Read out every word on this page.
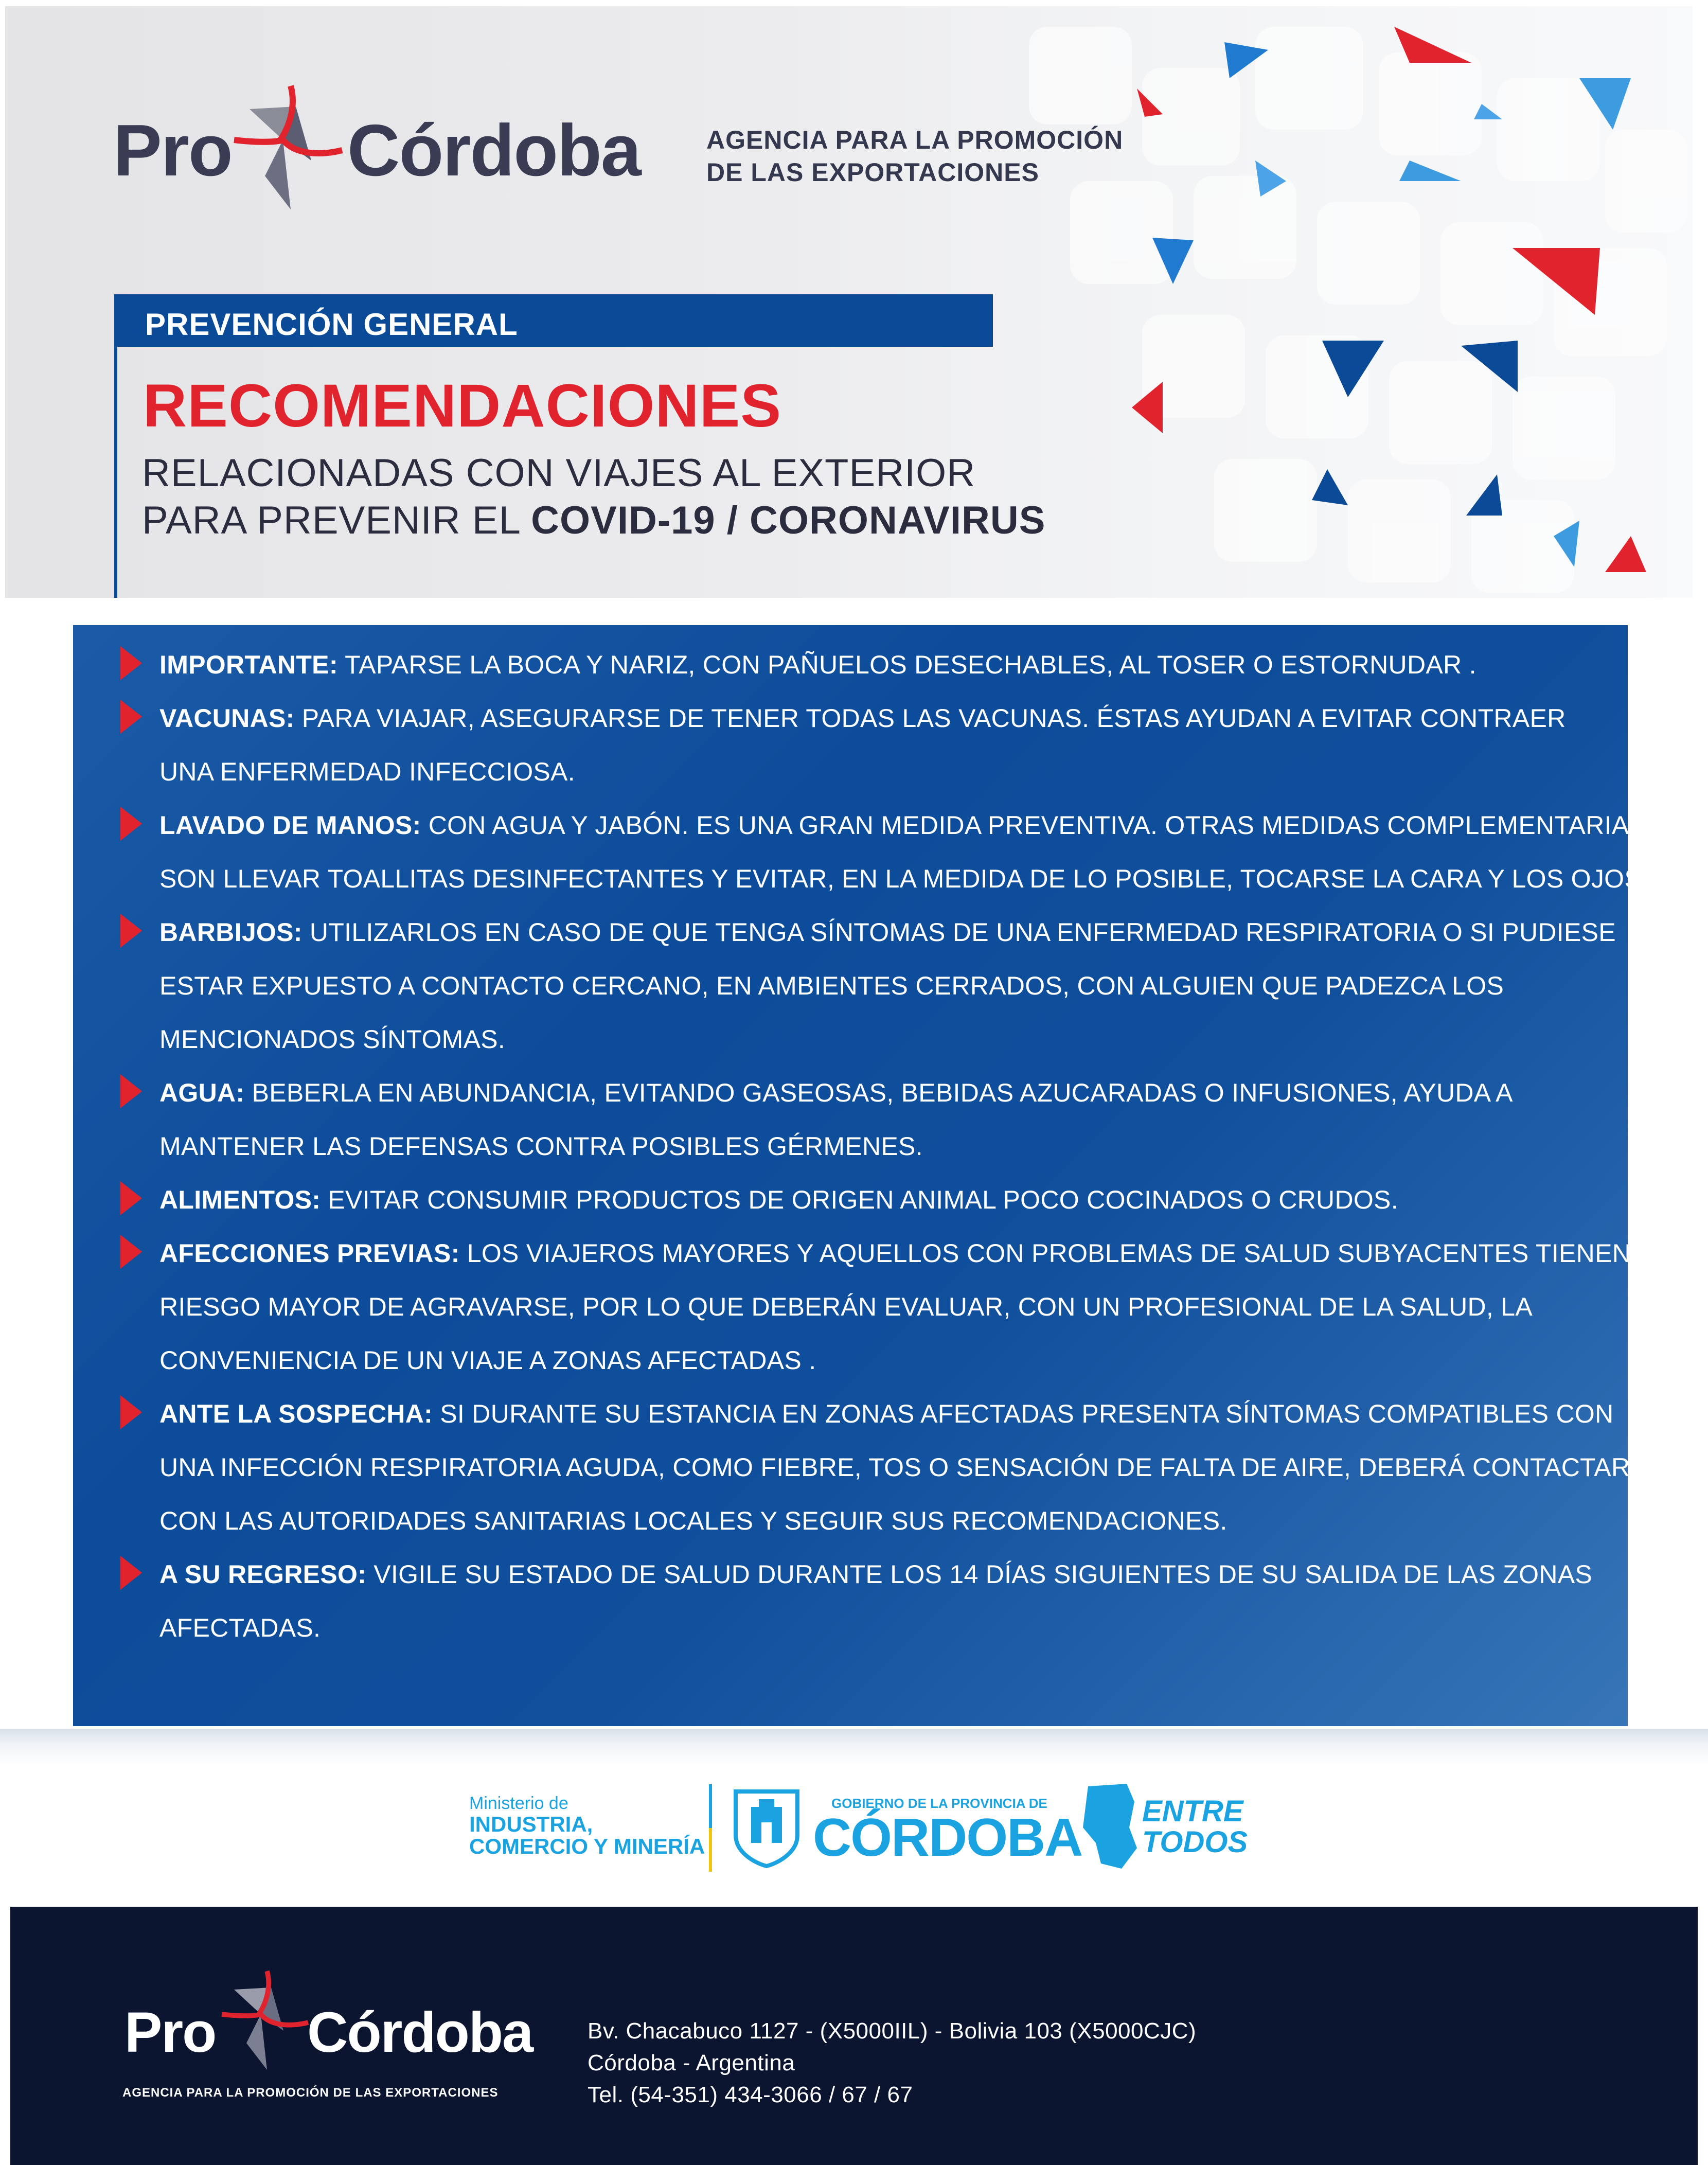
Pro Córdoba	AGENCIA PARA LA PROMOCIÓN
DE LAS EXPORTACIONES
PREVENCIÓN GENERAL
RECOMENDACIONES
RELACIONADAS CON VIAJES AL EXTERIOR
PARA PREVENIR EL COVID-19 / CORONAVIRUS
IMPORTANTE: TAPARSE LA BOCA Y NARIZ, CON PAÑUELOS DESECHABLES, AL TOSER O ESTORNUDAR .
VACUNAS: PARA VIAJAR, ASEGURARSE DE TENER TODAS LAS VACUNAS. ÉSTAS AYUDAN A EVITAR CONTRAER
UNA ENFERMEDAD INFECCIOSA.
LAVADO DE MANOS: CON AGUA Y JABÓN. ES UNA GRAN MEDIDA PREVENTIVA. OTRAS MEDIDAS COMPLEMENTARIAS
SON LLEVAR TOALLITAS DESINFECTANTES Y EVITAR, EN LA MEDIDA DE LO POSIBLE, TOCARSE LA CARA Y LOS OJOS.
BARBIJOS: UTILIZARLOS EN CASO DE QUE TENGA SÍNTOMAS DE UNA ENFERMEDAD RESPIRATORIA O SI PUDIESE
ESTAR EXPUESTO A CONTACTO CERCANO, EN AMBIENTES CERRADOS, CON ALGUIEN QUE PADEZCA LOS
MENCIONADOS SÍNTOMAS.
AGUA: BEBERLA EN ABUNDANCIA, EVITANDO GASEOSAS, BEBIDAS AZUCARADAS O INFUSIONES, AYUDA A
MANTENER LAS DEFENSAS CONTRA POSIBLES GÉRMENES.
ALIMENTOS: EVITAR CONSUMIR PRODUCTOS DE ORIGEN ANIMAL POCO COCINADOS O CRUDOS.
AFECCIONES PREVIAS: LOS VIAJEROS MAYORES Y AQUELLOS CON PROBLEMAS DE SALUD SUBYACENTES TIENEN
RIESGO MAYOR DE AGRAVARSE, POR LO QUE DEBERÁN EVALUAR, CON UN PROFESIONAL DE LA SALUD, LA
CONVENIENCIA DE UN VIAJE A ZONAS AFECTADAS .
ANTE LA SOSPECHA: SI DURANTE SU ESTANCIA EN ZONAS AFECTADAS PRESENTA SÍNTOMAS COMPATIBLES CON
UNA INFECCIÓN RESPIRATORIA AGUDA, COMO FIEBRE, TOS O SENSACIÓN DE FALTA DE AIRE, DEBERÁ CONTACTAR
CON LAS AUTORIDADES SANITARIAS LOCALES Y SEGUIR SUS RECOMENDACIONES.
A SU REGRESO: VIGILE SU ESTADO DE SALUD DURANTE LOS 14 DÍAS SIGUIENTES DE SU SALIDA DE LAS ZONAS
AFECTADAS.
Ministerio de
INDUSTRIA,
COMERCIO Y MINERÍA
GOBIERNO DE LA PROVINCIA DE
CÓRDOBA ENTRE
TODOS
Pro Córdoba
AGENCIA PARA LA PROMOCIÓN DE LAS EXPORTACIONES
Bv. Chacabuco 1127 - (X5000IIL) - Bolivia 103 (X5000CJC)
Córdoba - Argentina
Tel. (54-351) 434-3066 / 67 / 67
